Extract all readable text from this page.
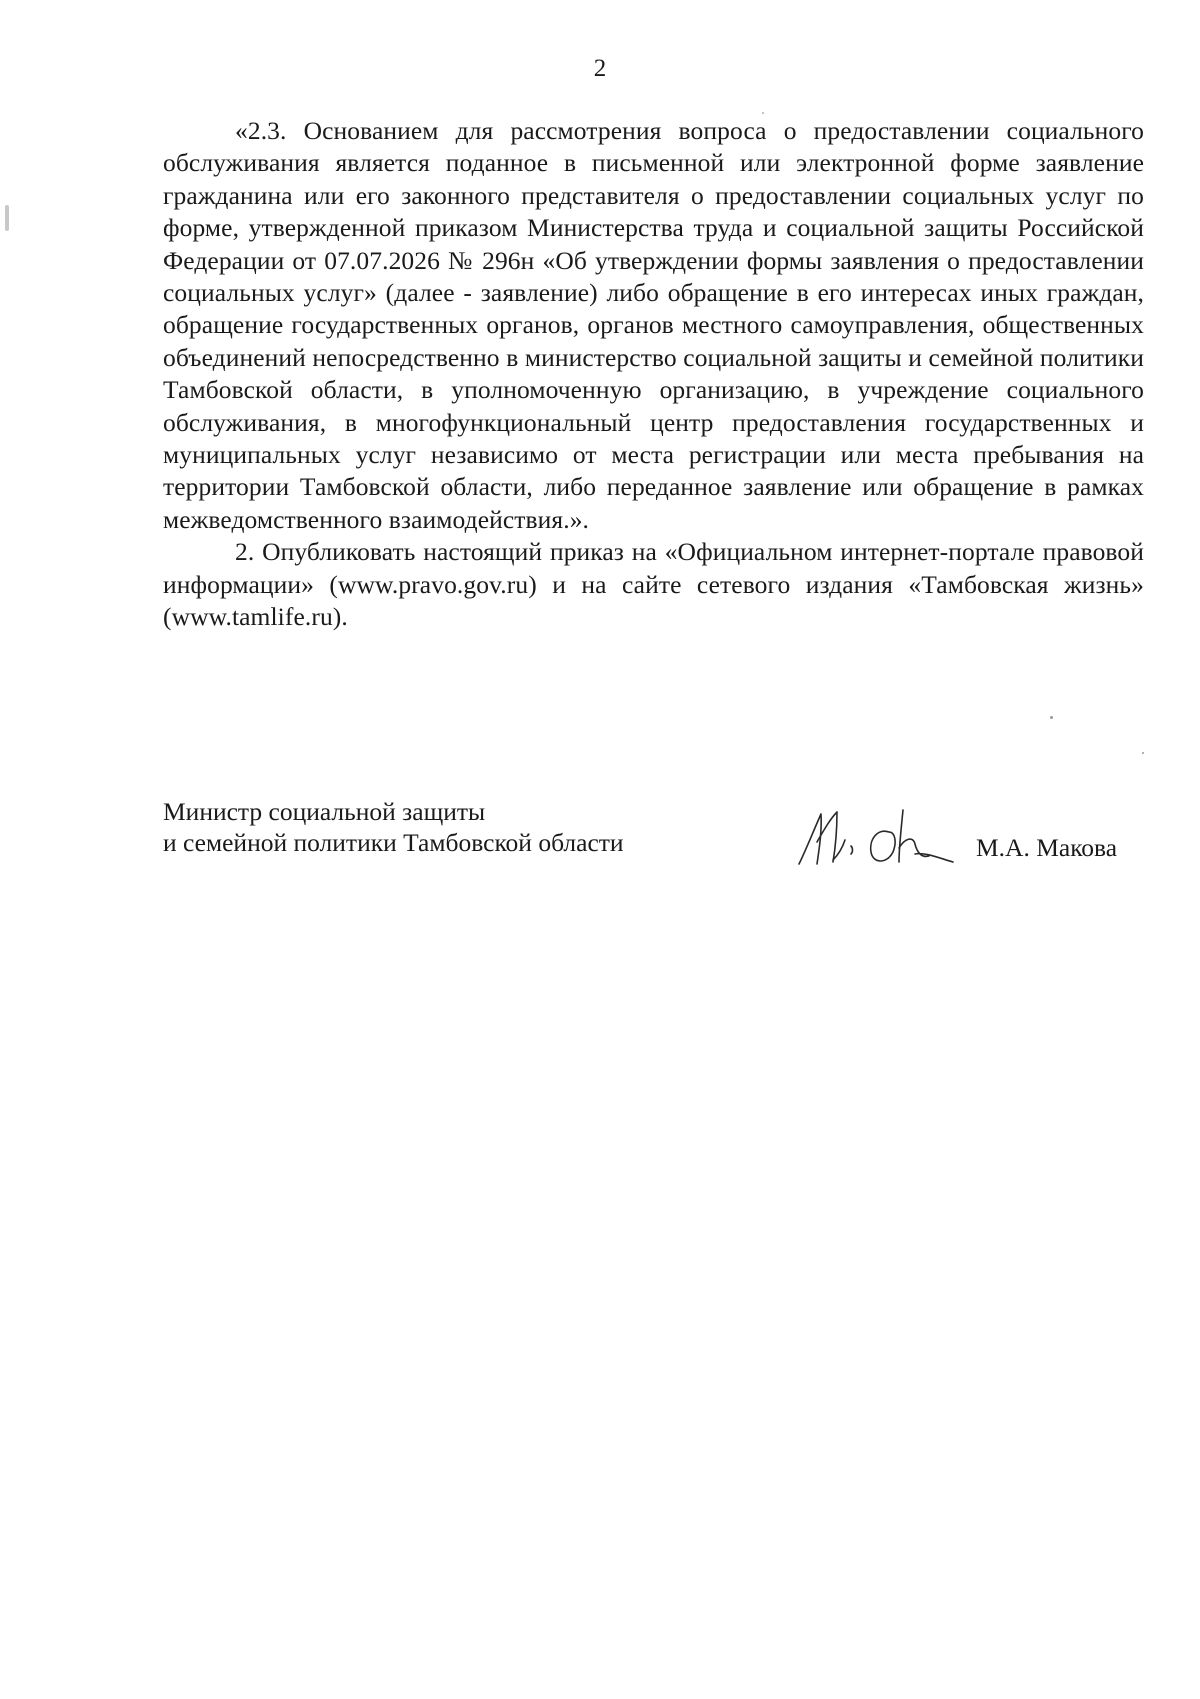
2

«2.3. Основанием для рассмотрения вопроса о предоставлении социального обслуживания является поданное в письменной или электронной форме заявление гражданина или его законного представителя о предоставлении социальных услуг по форме, утвержденной приказом Министерства труда и социальной защиты Российской Федерации от 07.07.2026 № 296н «Об утверждении формы заявления о предоставлении социальных услуг» (далее - заявление) либо обращение в его интересах иных граждан, обращение государственных органов, органов местного самоуправления, общественных объединений непосредственно в министерство социальной защиты и семейной политики Тамбовской области, в уполномоченную организацию, в учреждение социального обслуживания, в многофункциональный центр предоставления государственных и муниципальных услуг независимо от места регистрации или места пребывания на территории Тамбовской области, либо переданное заявление или обращение в рамках межведомственного взаимодействия.».

2. Опубликовать настоящий приказ на «Официальном интернет-портале правовой информации» (www.pravo.gov.ru) и на сайте сетевого издания «Тамбовская жизнь» (www.tamlife.ru).

Министр социальной защиты
и семейной политики Тамбовской области	М.А. Макова
